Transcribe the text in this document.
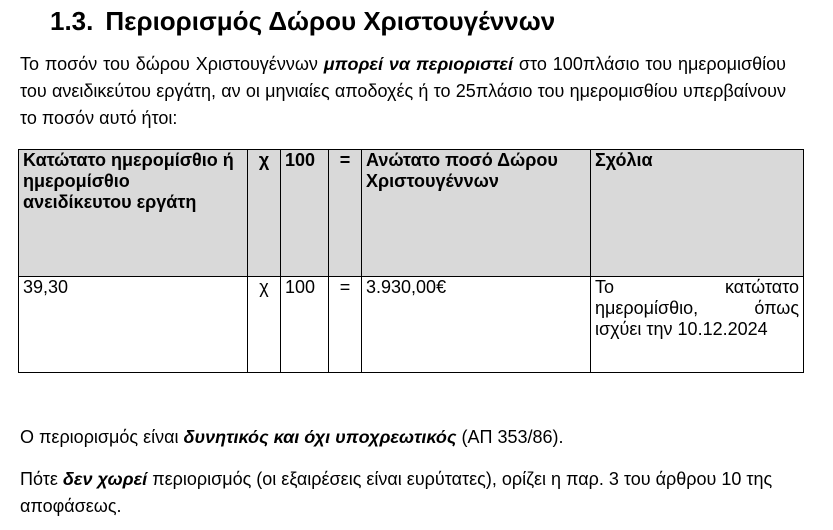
1.3. Περιορισμός Δώρου Χριστουγέννων

Το ποσόν του δώρου Χριστουγέννων μπορεί να περιοριστεί στο 100πλάσιο του ημερομισθίου του ανειδικεύτου εργάτη, αν οι μηνιαίες αποδοχές ή το 25πλάσιο του ημερομισθίου υπερβαίνουν το ποσόν αυτό ήτοι:

Κατώτατο ημερομίσθιο ή ημερομίσθιο ανειδίκευτου εργάτη	χ	100	=	Ανώτατο ποσό Δώρου Χριστουγέννων	Σχόλια
39,30	χ	100	=	3.930,00€	Το κατώτατο ημερομίσθιο, όπως ισχύει την 10.12.2024

Ο περιορισμός είναι δυνητικός και όχι υποχρεωτικός (ΑΠ 353/86).

Πότε δεν χωρεί περιορισμός (οι εξαιρέσεις είναι ευρύτατες), ορίζει η παρ. 3 του άρθρου 10 της αποφάσεως.
